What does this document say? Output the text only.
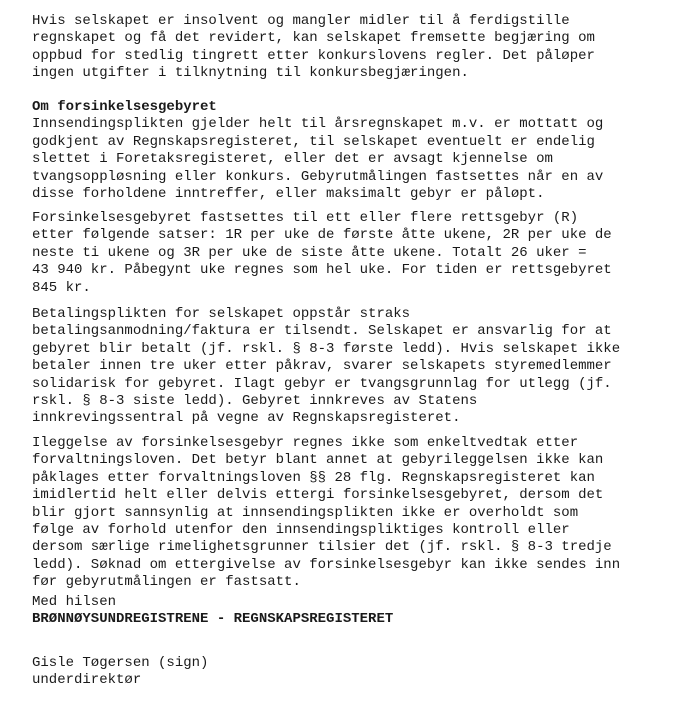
Hvis selskapet er insolvent og mangler midler til å ferdigstille
regnskapet og få det revidert, kan selskapet fremsette begjæring om
oppbud for stedlig tingrett etter konkurslovens regler. Det påløper
ingen utgifter i tilknytning til konkursbegjæringen.
Om forsinkelsesgebyret
Innsendingsplikten gjelder helt til årsregnskapet m.v. er mottatt og
godkjent av Regnskapsregisteret, til selskapet eventuelt er endelig
slettet i Foretaksregisteret, eller det er avsagt kjennelse om
tvangsoppløsning eller konkurs. Gebyrutmålingen fastsettes når en av
disse forholdene inntreffer, eller maksimalt gebyr er påløpt.
Forsinkelsesgebyret fastsettes til ett eller flere rettsgebyr (R)
etter følgende satser: 1R per uke de første åtte ukene, 2R per uke de
neste ti ukene og 3R per uke de siste åtte ukene. Totalt 26 uker =
43 940 kr. Påbegynt uke regnes som hel uke. For tiden er rettsgebyret
845 kr.
Betalingsplikten for selskapet oppstår straks
betalingsanmodning/faktura er tilsendt. Selskapet er ansvarlig for at
gebyret blir betalt (jf. rskl. § 8-3 første ledd). Hvis selskapet ikke
betaler innen tre uker etter påkrav, svarer selskapets styremedlemmer
solidarisk for gebyret. Ilagt gebyr er tvangsgrunnlag for utlegg (jf.
rskl. § 8-3 siste ledd). Gebyret innkreves av Statens
innkrevingssentral på vegne av Regnskapsregisteret.
Ileggelse av forsinkelsesgebyr regnes ikke som enkeltvedtak etter
forvaltningsloven. Det betyr blant annet at gebyrileggelsen ikke kan
påklages etter forvaltningsloven §§ 28 flg. Regnskapsregisteret kan
imidlertid helt eller delvis ettergi forsinkelsesgebyret, dersom det
blir gjort sannsynlig at innsendingsplikten ikke er overholdt som
følge av forhold utenfor den innsendingspliktiges kontroll eller
dersom særlige rimelighetsgrunner tilsier det (jf. rskl. § 8-3 tredje
ledd). Søknad om ettergivelse av forsinkelsesgebyr kan ikke sendes inn
før gebyrutmålingen er fastsatt.
Med hilsen
BRØNNØYSUNDREGISTRENE - REGNSKAPSREGISTERET
Gisle Tøgersen (sign)
underdirektør
